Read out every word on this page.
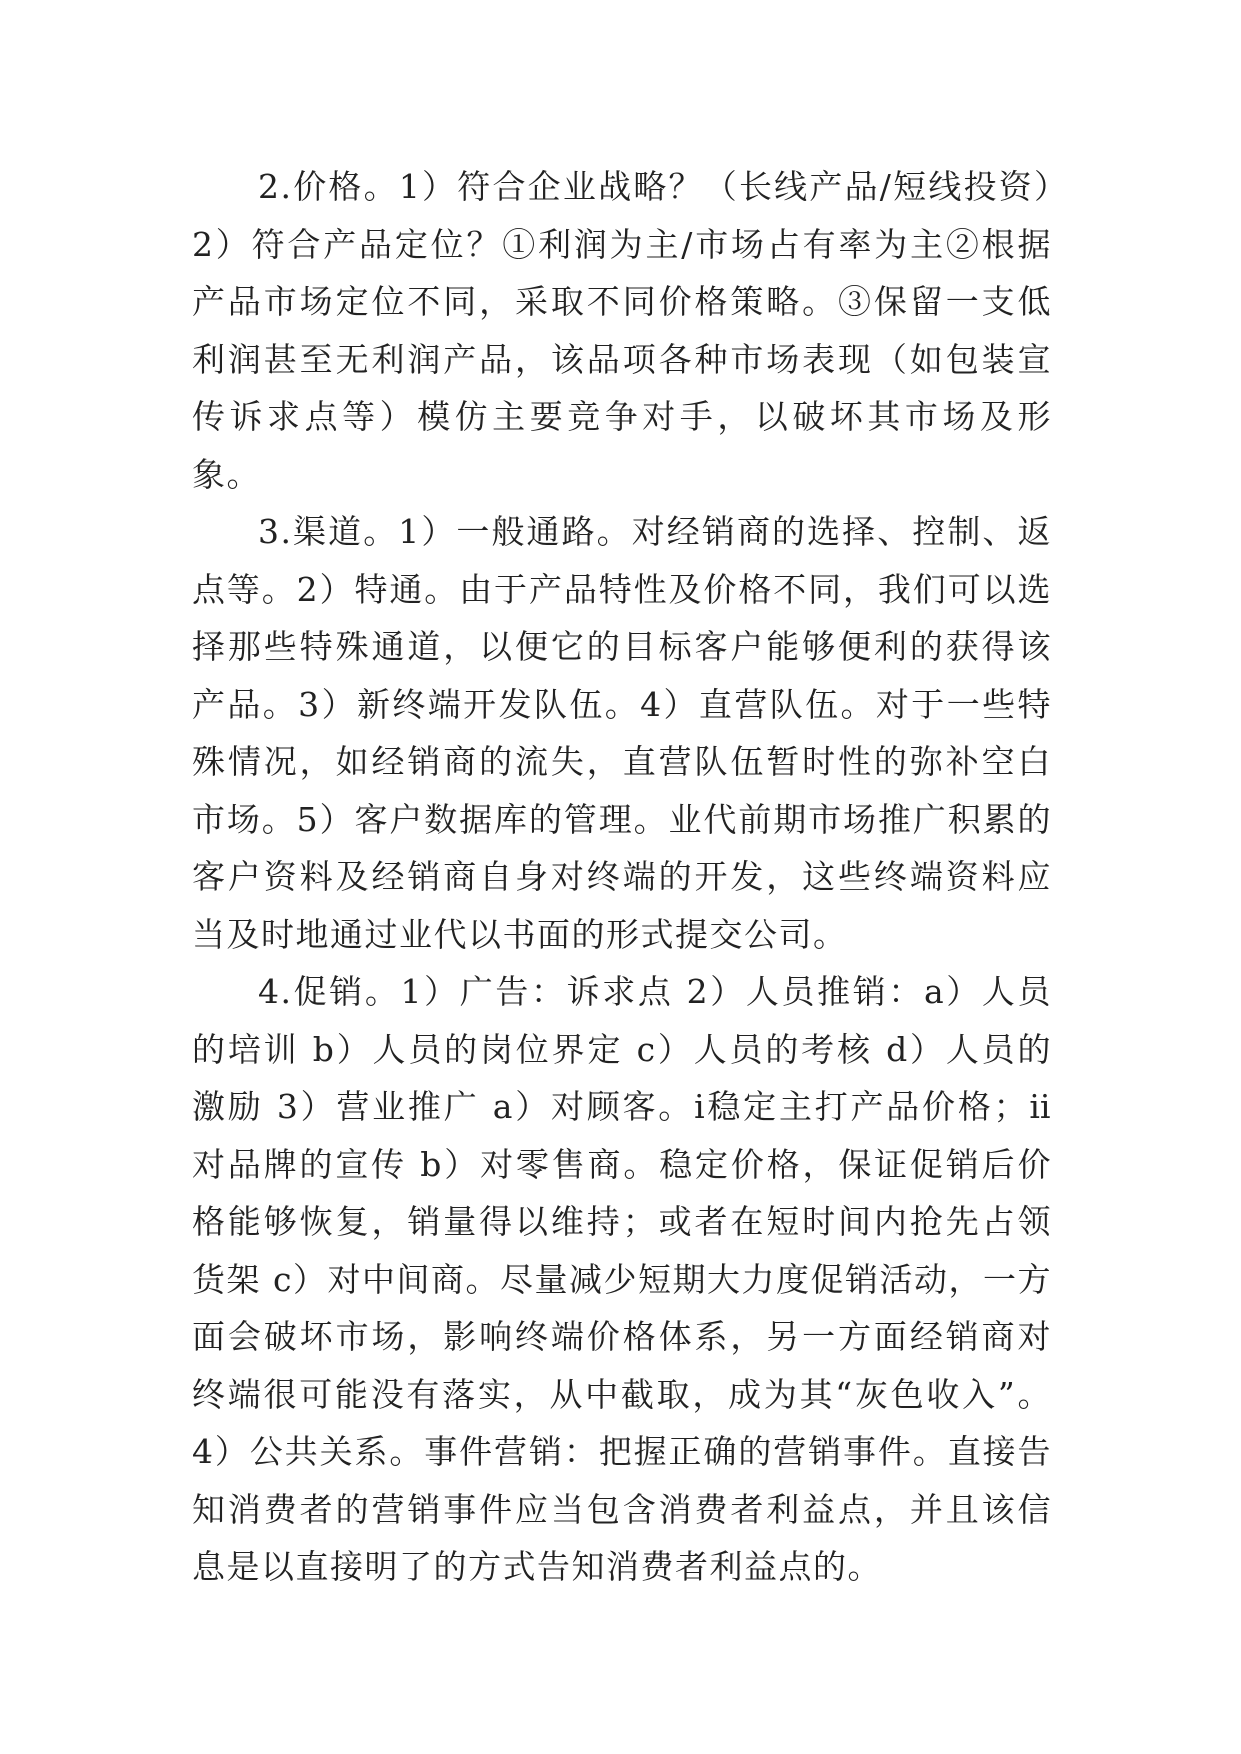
2.价格。1）符合企业战略？（长线产品/短线投资）2）符合产品定位？①利润为主/市场占有率为主②根据产品市场定位不同，采取不同价格策略。③保留一支低利润甚至无利润产品，该品项各种市场表现（如包装宣传诉求点等）模仿主要竞争对手，以破坏其市场及形象。

3.渠道。1）一般通路。对经销商的选择、控制、返点等。2）特通。由于产品特性及价格不同，我们可以选择那些特殊通道，以便它的目标客户能够便利的获得该产品。3）新终端开发队伍。4）直营队伍。对于一些特殊情况，如经销商的流失，直营队伍暂时性的弥补空白市场。5）客户数据库的管理。业代前期市场推广积累的客户资料及经销商自身对终端的开发，这些终端资料应当及时地通过业代以书面的形式提交公司。

4.促销。1）广告：诉求点 2）人员推销：a）人员的培训 b）人员的岗位界定 c）人员的考核 d）人员的激励 3）营业推广 a）对顾客。ⅰ稳定主打产品价格；ⅱ对品牌的宣传 b）对零售商。稳定价格，保证促销后价格能够恢复，销量得以维持；或者在短时间内抢先占领货架 c）对中间商。尽量减少短期大力度促销活动，一方面会破坏市场，影响终端价格体系，另一方面经销商对终端很可能没有落实，从中截取，成为其“灰色收入”。4）公共关系。事件营销：把握正确的营销事件。直接告知消费者的营销事件应当包含消费者利益点，并且该信息是以直接明了的方式告知消费者利益点的。
